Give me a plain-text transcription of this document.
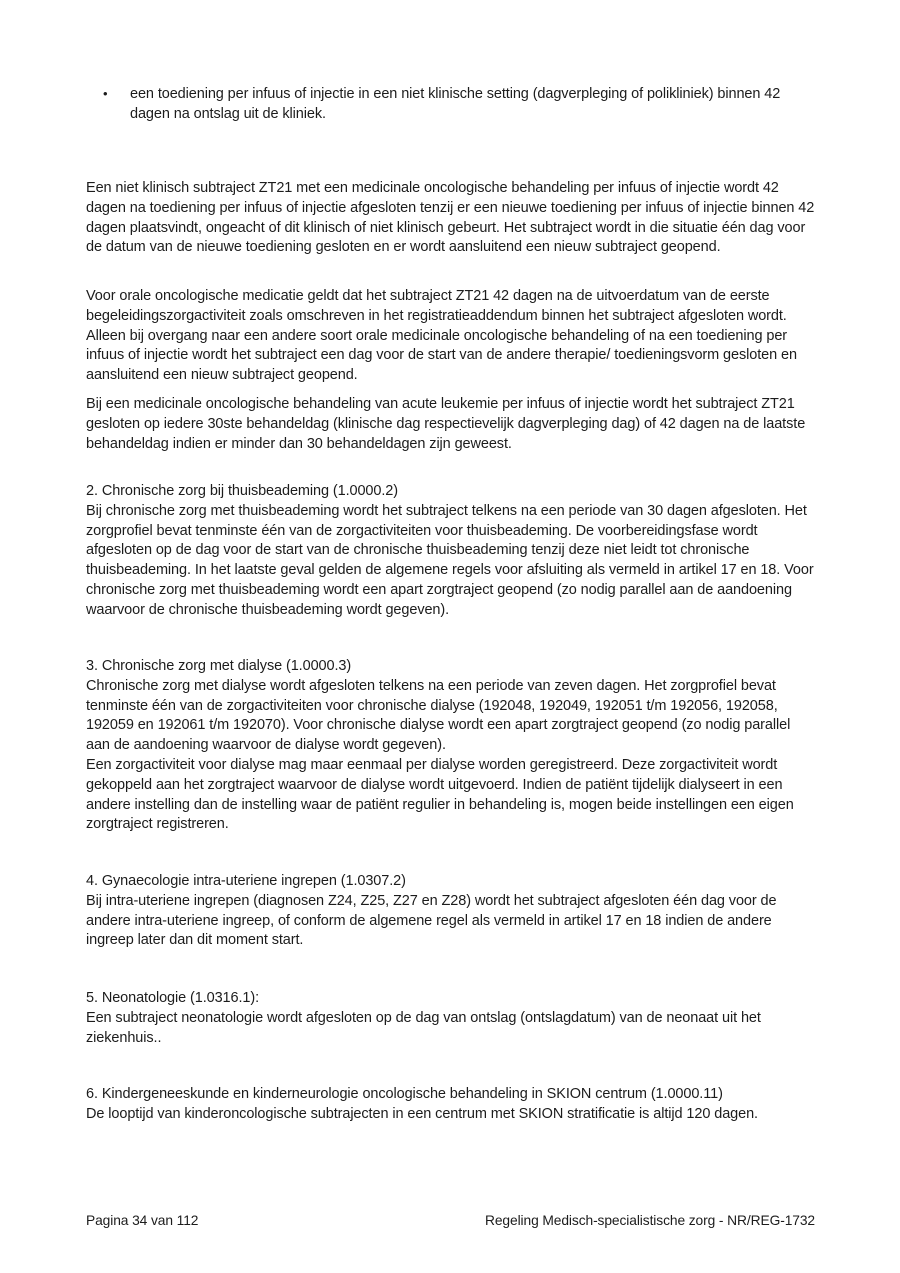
• een toediening per infuus of injectie in een niet klinische setting (dagverpleging of polikliniek) binnen 42 dagen na ontslag uit de kliniek.

Een niet klinisch subtraject ZT21 met een medicinale oncologische behandeling per infuus of injectie wordt 42 dagen na toediening per infuus of injectie afgesloten tenzij er een nieuwe toediening per infuus of injectie binnen 42 dagen plaatsvindt, ongeacht of dit klinisch of niet klinisch gebeurt. Het subtraject wordt in die situatie één dag voor de datum van de nieuwe toediening gesloten en er wordt aansluitend een nieuw subtraject geopend.

Voor orale oncologische medicatie geldt dat het subtraject ZT21 42 dagen na de uitvoerdatum van de eerste begeleidingszorgactiviteit zoals omschreven in het registratieaddendum binnen het subtraject afgesloten wordt. Alleen bij overgang naar een andere soort orale medicinale oncologische behandeling of na een toediening per infuus of injectie wordt het subtraject een dag voor de start van de andere therapie/ toedieningsvorm gesloten en aansluitend een nieuw subtraject geopend.

Bij een medicinale oncologische behandeling van acute leukemie per infuus of injectie wordt het subtraject ZT21 gesloten op iedere 30ste behandeldag (klinische dag respectievelijk dagverpleging dag) of 42 dagen na de laatste behandeldag indien er minder dan 30 behandeldagen zijn geweest.

2. Chronische zorg bij thuisbeademing (1.0000.2)

Bij chronische zorg met thuisbeademing wordt het subtraject telkens na een periode van 30 dagen afgesloten. Het zorgprofiel bevat tenminste één van de zorgactiviteiten voor thuisbeademing. De voorbereidingsfase wordt afgesloten op de dag voor de start van de chronische thuisbeademing tenzij deze niet leidt tot chronische thuisbeademing. In het laatste geval gelden de algemene regels voor afsluiting als vermeld in artikel 17 en 18. Voor chronische zorg met thuisbeademing wordt een apart zorgtraject geopend (zo nodig parallel aan de aandoening waarvoor de chronische thuisbeademing wordt gegeven).

3. Chronische zorg met dialyse (1.0000.3)

Chronische zorg met dialyse wordt afgesloten telkens na een periode van zeven dagen. Het zorgprofiel bevat tenminste één van de zorgactiviteiten voor chronische dialyse (192048, 192049, 192051 t/m 192056, 192058, 192059 en 192061 t/m 192070). Voor chronische dialyse wordt een apart zorgtraject geopend (zo nodig parallel aan de aandoening waarvoor de dialyse wordt gegeven).

Een zorgactiviteit voor dialyse mag maar eenmaal per dialyse worden geregistreerd. Deze zorgactiviteit wordt gekoppeld aan het zorgtraject waarvoor de dialyse wordt uitgevoerd. Indien de patiënt tijdelijk dialyseert in een andere instelling dan de instelling waar de patiënt regulier in behandeling is, mogen beide instellingen een eigen zorgtraject registreren.

4. Gynaecologie intra-uteriene ingrepen (1.0307.2)

Bij intra-uteriene ingrepen (diagnosen Z24, Z25, Z27 en Z28) wordt het subtraject afgesloten één dag voor de andere intra-uteriene ingreep, of conform de algemene regel als vermeld in artikel 17 en 18 indien de andere ingreep later dan dit moment start.

5. Neonatologie (1.0316.1):

Een subtraject neonatologie wordt afgesloten op de dag van ontslag (ontslagdatum) van de neonaat uit het ziekenhuis..

6. Kindergeneeskunde en kinderneurologie oncologische behandeling in SKION centrum (1.0000.11)

De looptijd van kinderoncologische subtrajecten in een centrum met SKION stratificatie is altijd 120 dagen.

Pagina 34 van 112	Regeling Medisch-specialistische zorg - NR/REG-1732
